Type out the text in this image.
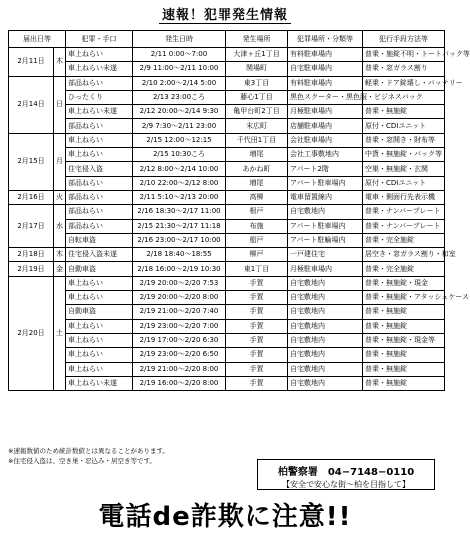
速報！犯罪発生情報
届出日等		犯罪・手口	発生日時	発生場所	犯罪場所・分類等	犯行手段方法等
2月11日	木	車上ねらい	2/11 0:00〜7:00	大津ヶ丘1丁目	有料駐車場内	普乗・施錠不明・トートバック等
		車上ねらい未遂	2/9 11:00〜2/11 10:00	関場町	自宅駐車場内	普乗・窓ガラス割り
2月14日	日	部品ねらい	2/10 2:00〜2/14 5:00	東3丁目	有料駐車場内	軽乗・ドア錠壊し・バッテリー
		ひったくり	2/13 23:00ころ	藤心1丁目	黒色スクーター・黒色服・ビジネスバック	
		車上ねらい未遂	2/12 20:00〜2/14 9:30	亀甲台町2丁目	月極駐車場内	普乗・無施錠
		部品ねらい	2/9 7:30〜2/11 23:00	末広町	店舗駐車場内	原付・CDIユニット
2月15日	月	車上ねらい	2/15 12:00〜12:15	千代田1丁目	会社駐車場内	普乗・窓開き・財布等
		車上ねらい	2/15 10:30ころ	増尾	会社工事敷地内	中貨・無施錠・バック等
		住宅侵入盗	2/12 8:00〜2/14 10:00	あかね町	アパート2階	空巣・無施錠・玄関
		部品ねらい	2/10 22:00〜2/12 8:00	増尾	アパート駐車場内	原付・CDIユニット
2月16日	火	部品ねらい	2/11 5:10〜2/13 20:00	高柳	電車留置線内	電車・側面行先表示機
2月17日	水	部品ねらい	2/16 18:30〜2/17 11:00	根戸	自宅敷地内	普乗・ナンバープレート
		部品ねらい	2/15 21:30〜2/17 11:18	布施	アパート駐車場内	普乗・ナンバープレート
		自転車盗	2/16 23:00〜2/17 10:00	船戸	アパート駐輪場内	普乗・完全施錠
2月18日	木	住宅侵入盗未遂	2/18 18:40〜18:55	柳戸	一戸建住宅	居空き・窓ガラス割り・和室
2月19日	金	自動車盗	2/18 16:00〜2/19 10:30	東1丁目	月極駐車場内	普乗・完全施錠
2月20日	土	車上ねらい	2/19 20:00〜2/20 7:53	手賀	自宅敷地内	普乗・無施錠・現金
		車上ねらい	2/19 20:00〜2/20 8:00	手賀	自宅敷地内	普乗・無施錠・アタッシュケース
		自動車盗	2/19 21:00〜2/20 7:40	手賀	自宅敷地内	普乗・無施錠
		車上ねらい	2/19 23:00〜2/20 7:00	手賀	自宅敷地内	普乗・無施錠
		車上ねらい	2/19 17:00〜2/20 6:30	手賀	自宅敷地内	普乗・無施錠・現金等
		車上ねらい	2/19 23:00〜2/20 6:50	手賀	自宅敷地内	普乗・無施錠
		車上ねらい	2/19 21:00〜2/20 8:00	手賀	自宅敷地内	普乗・無施錠
		車上ねらい未遂	2/19 16:00〜2/20 8:00	手賀	自宅敷地内	普乗・無施錠
※速報数値のため統計数値とは異なることがあります。
※住宅侵入盗は、空き巣・忍込み・居空き等です。
柏警察署　04−7148−0110
【安全で安心な街〜柏を目指して】
電話de詐欺に注意!!
